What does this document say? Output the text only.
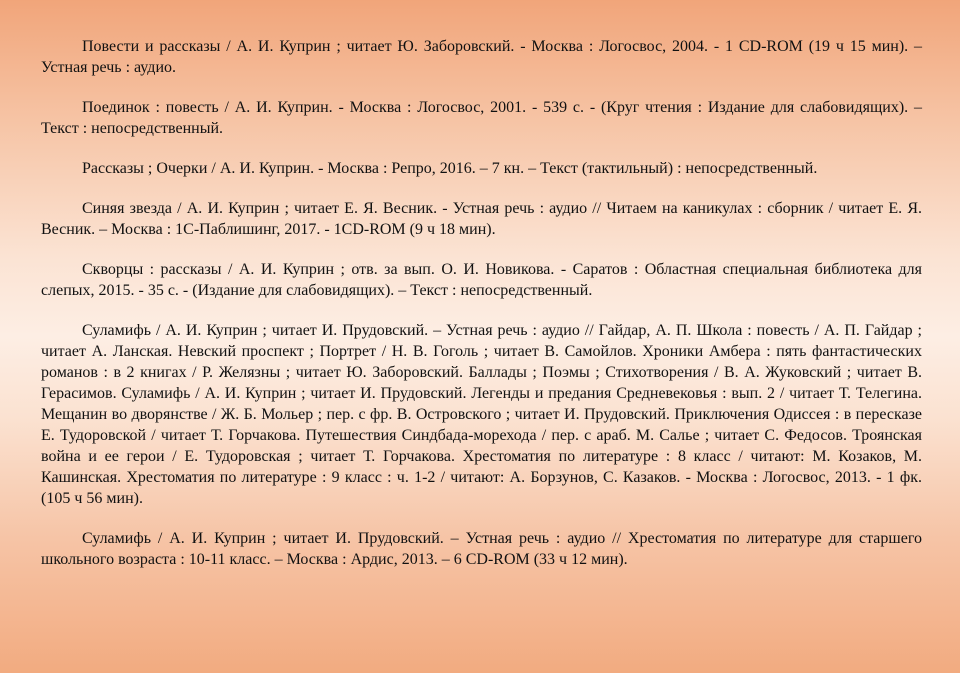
Повести и рассказы / А. И. Куприн ; читает Ю. Заборовский. - Москва : Логосвос, 2004. - 1 CD-ROM (19 ч 15 мин). – Устная речь : аудио.

Поединок : повесть / А. И. Куприн. - Москва : Логосвос, 2001. - 539 с. - (Круг чтения : Издание для слабовидящих). – Текст : непосредственный.

Рассказы ; Очерки / А. И. Куприн. - Москва : Репро, 2016. – 7 кн. – Текст (тактильный) : непосредственный.

Синяя звезда / А. И. Куприн ; читает Е. Я. Весник. - Устная речь : аудио // Читаем на каникулах : сборник / читает Е. Я. Весник. – Москва : 1С-Паблишинг, 2017. - 1CD-ROM (9 ч 18 мин).

Скворцы : рассказы / А. И. Куприн ; отв. за вып. О. И. Новикова. - Саратов : Областная специальная библиотека для слепых, 2015. - 35 с. - (Издание для слабовидящих). – Текст : непосредственный.

Суламифь / А. И. Куприн ; читает И. Прудовский. – Устная речь : аудио // Гайдар, А. П. Школа : повесть / А. П. Гайдар ; читает А. Ланская. Невский проспект ; Портрет / Н. В. Гоголь ; читает В. Самойлов. Хроники Амбера : пять фантастических романов : в 2 книгах / Р. Желязны ; читает Ю. Заборовский. Баллады ; Поэмы ; Стихотворения / В. А. Жуковский ; читает В. Герасимов. Суламифь / А. И. Куприн ; читает И. Прудовский. Легенды и предания Средневековья : вып. 2 / читает Т. Телегина. Мещанин во дворянстве / Ж. Б. Мольер ; пер. с фр. В. Островского ; читает И. Прудовский. Приключения Одиссея : в пересказе Е. Тудоровской / читает Т. Горчакова. Путешествия Синдбада-морехода / пер. с араб. М. Салье ; читает С. Федосов. Троянская война и ее герои / Е. Тудоровская ; читает Т. Горчакова. Хрестоматия по литературе : 8 класс / читают: М. Козаков, М. Кашинская. Хрестоматия по литературе : 9 класс : ч. 1-2 / читают: А. Борзунов, С. Казаков. - Москва : Логосвос, 2013. - 1 фк. (105 ч 56 мин).

Суламифь / А. И. Куприн ; читает И. Прудовский. – Устная речь : аудио // Хрестоматия по литературе для старшего школьного возраста : 10-11 класс. – Москва : Ардис, 2013. – 6 CD-ROM (33 ч 12 мин).
